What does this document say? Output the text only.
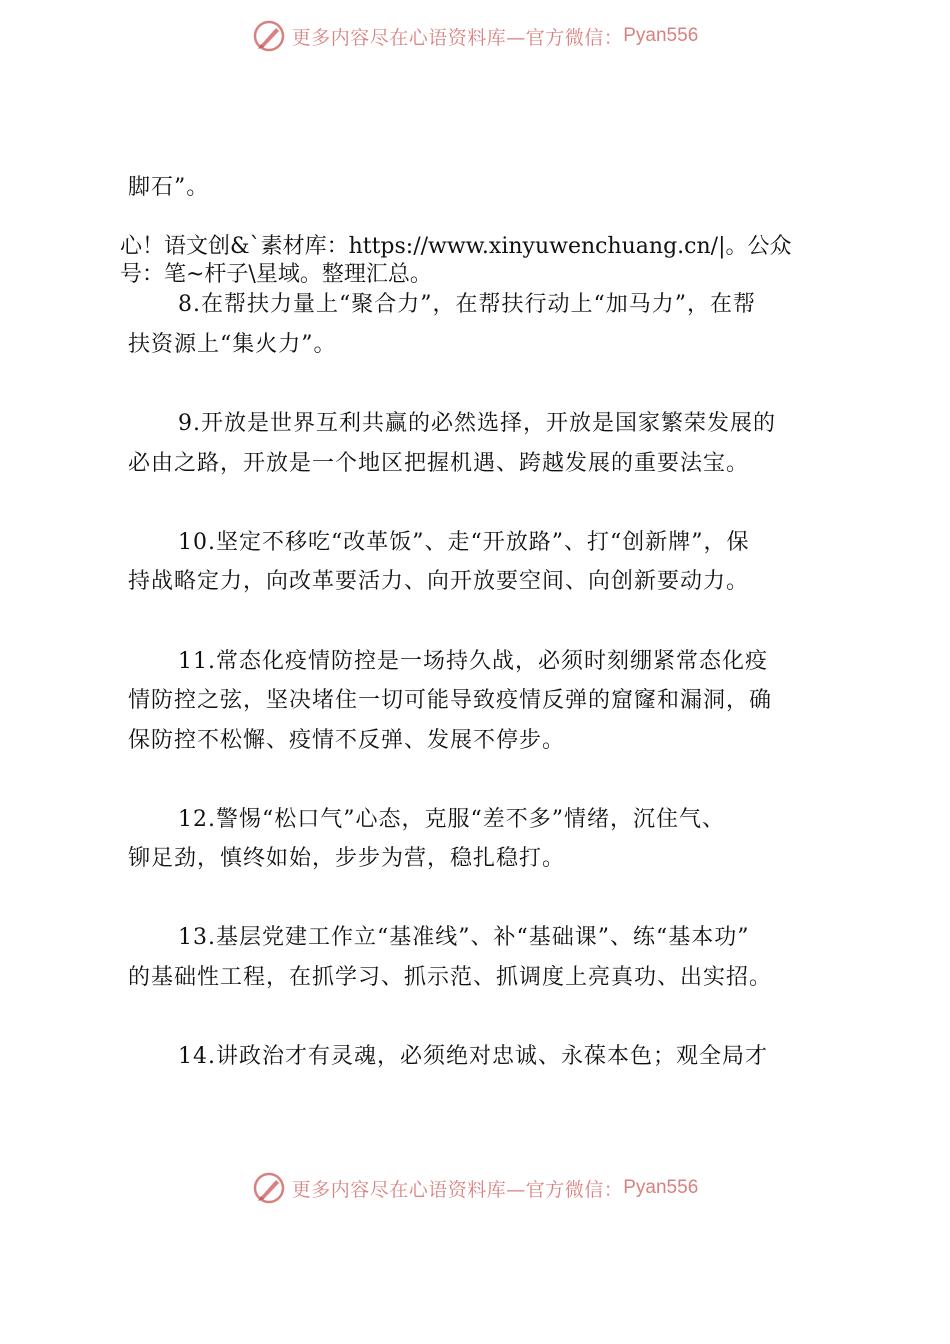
更多内容尽在心语资料库—官方微信： Pyan556
脚石”。
心！语文创&`素材库：https://www.xinyuwenchuang.cn/|。公众
号：笔~杆子\星域。整理汇总。
8.在帮扶力量上“聚合力”，在帮扶行动上“加马力”，在帮
扶资源上“集火力”。
9.开放是世界互利共赢的必然选择，开放是国家繁荣发展的
必由之路，开放是一个地区把握机遇、跨越发展的重要法宝。
10.坚定不移吃“改革饭”、走“开放路”、打“创新牌”，保
持战略定力，向改革要活力、向开放要空间、向创新要动力。
11.常态化疫情防控是一场持久战，必须时刻绷紧常态化疫
情防控之弦，坚决堵住一切可能导致疫情反弹的窟窿和漏洞，确
保防控不松懈、疫情不反弹、发展不停步。
12.警惕“松口气”心态，克服“差不多”情绪，沉住气、
铆足劲，慎终如始，步步为营，稳扎稳打。
13.基层党建工作立“基准线”、补“基础课”、练“基本功”
的基础性工程，在抓学习、抓示范、抓调度上亮真功、出实招。
14.讲政治才有灵魂，必须绝对忠诚、永葆本色；观全局才
更多内容尽在心语资料库—官方微信： Pyan556
